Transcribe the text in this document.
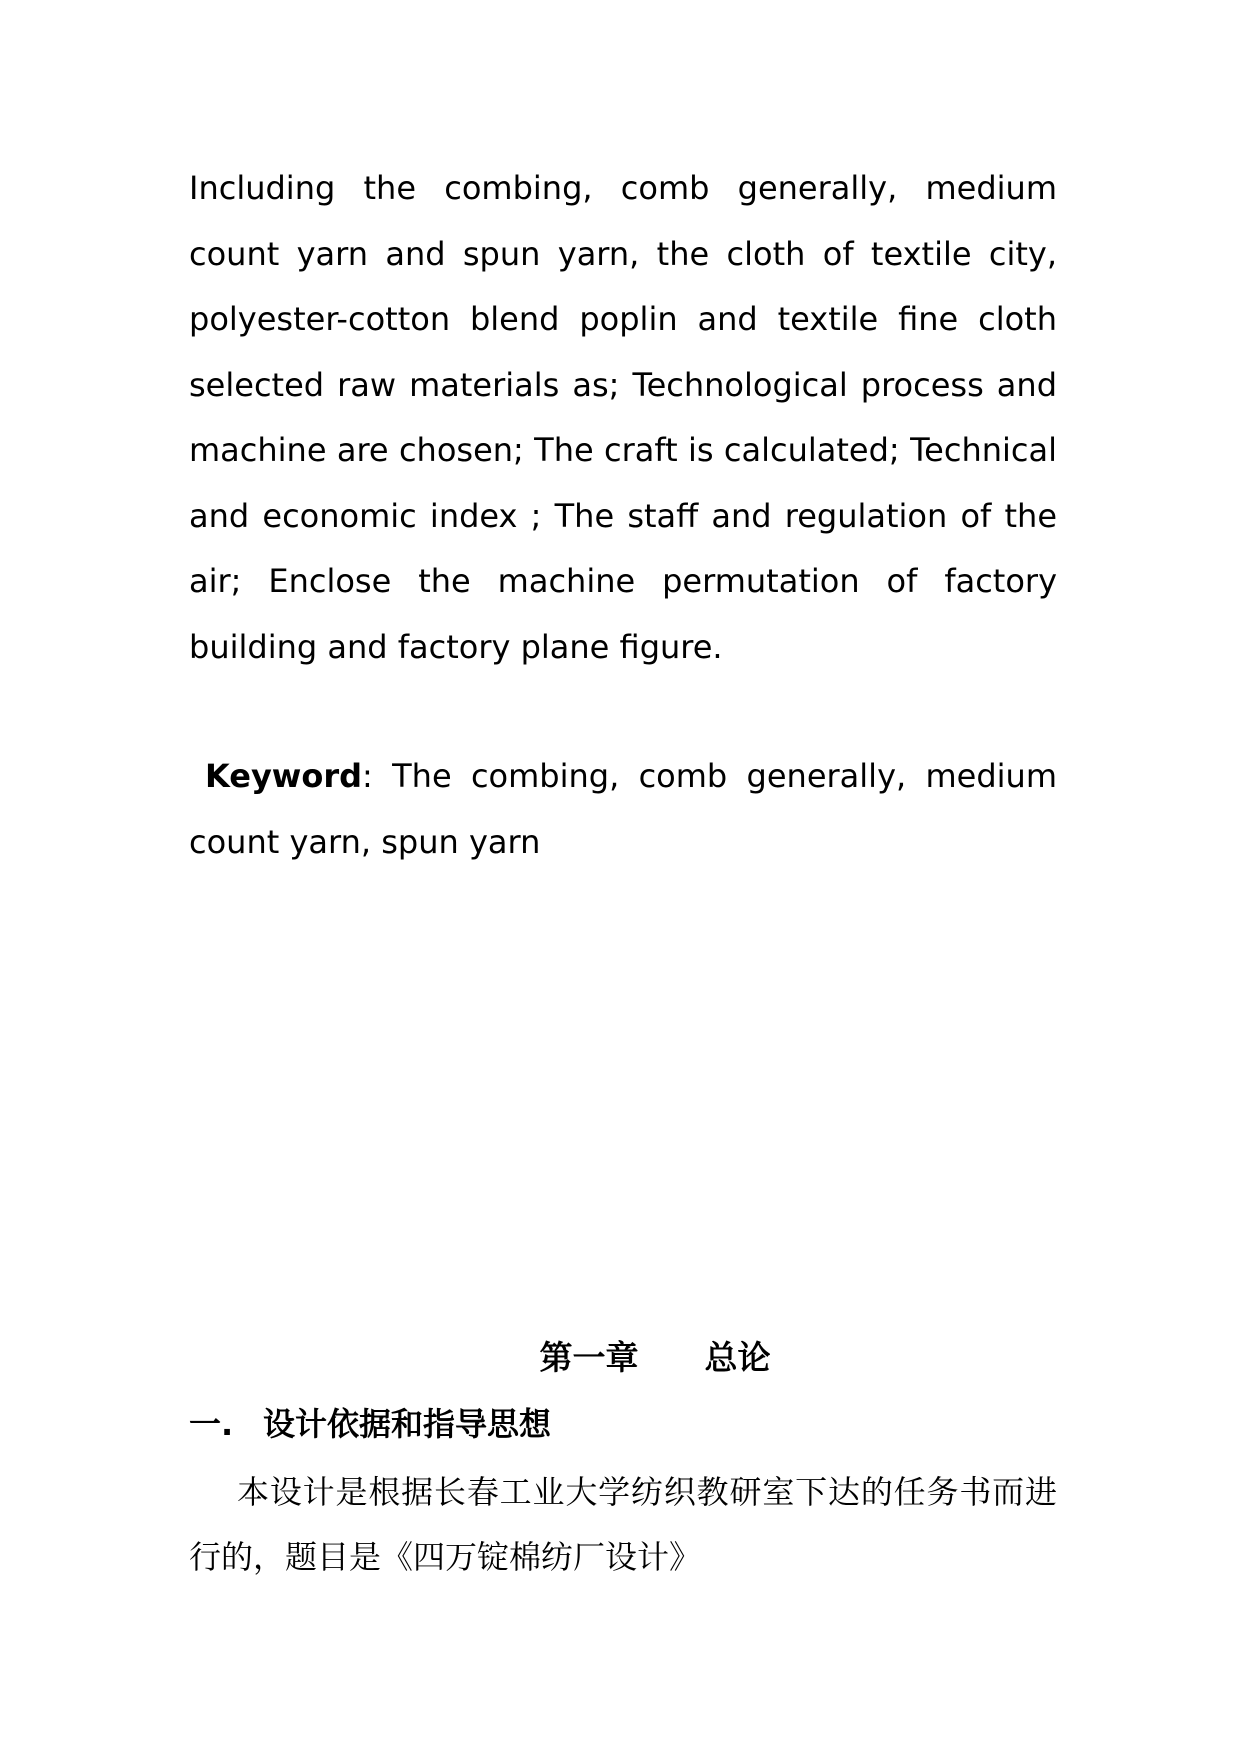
Including the combing, comb generally, medium count yarn and spun yarn, the cloth of textile city, polyester-cotton blend poplin and textile fine cloth selected raw materials as; Technological process and machine are chosen; The craft is calculated; Technical and economic index ; The staff and regulation of the air; Enclose the machine permutation of factory building and factory plane figure.

Keyword: The combing, comb generally, medium count yarn, spun yarn

第一章　　总论
一. 设计依据和指导思想

本设计是根据长春工业大学纺织教研室下达的任务书而进行的，题目是《四万锭棉纺厂设计》
